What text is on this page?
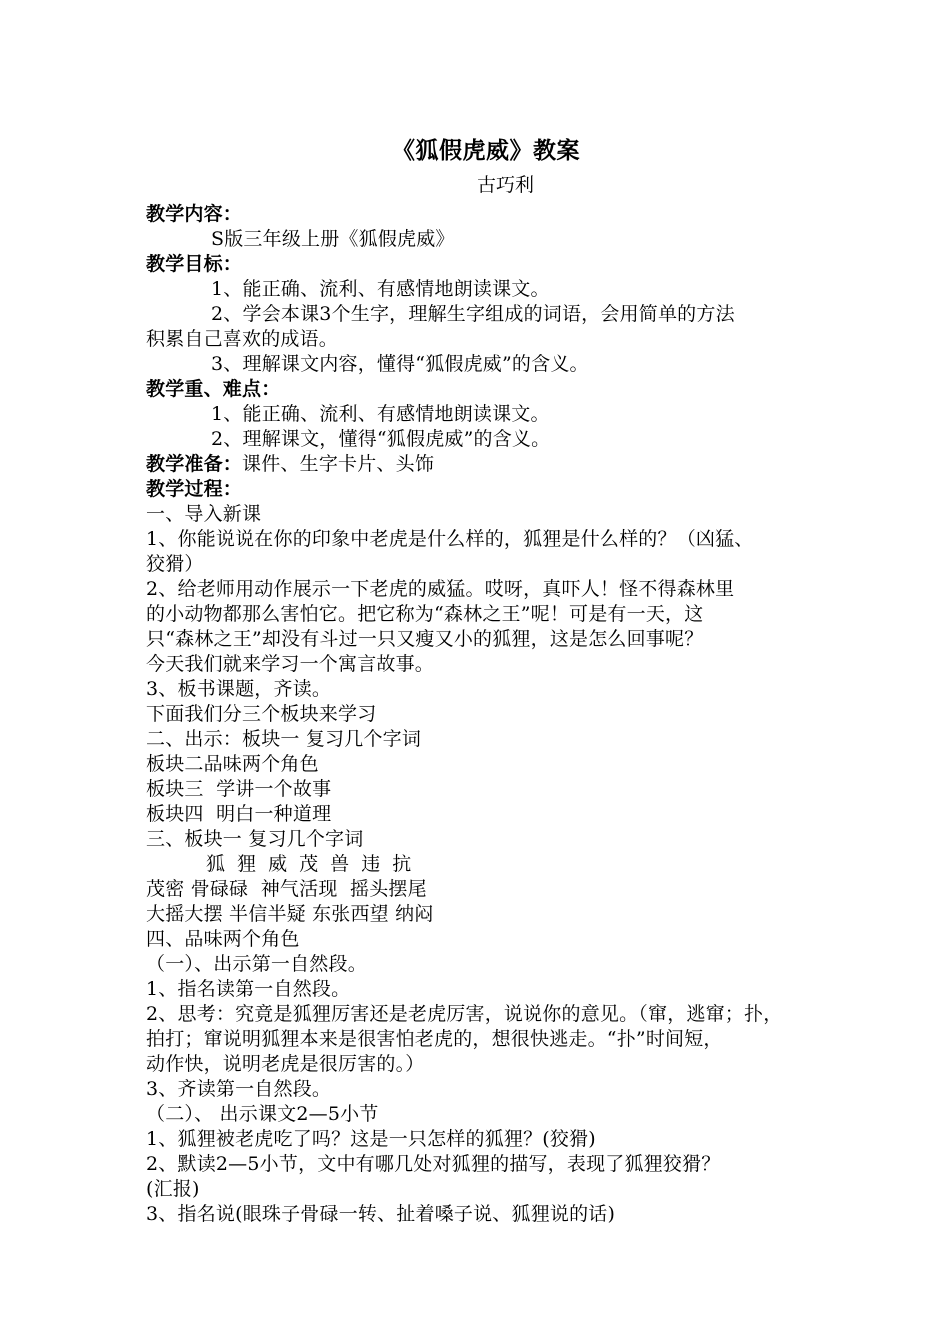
《狐假虎威》教案
古巧利
教学内容：
S版三年级上册《狐假虎威》
教学目标：
1、能正确、流利、有感情地朗读课文。
2、学会本课3个生字，理解生字组成的词语，会用简单的方法
积累自己喜欢的成语。
3、理解课文内容，懂得“狐假虎威”的含义。
教学重、难点：
1、能正确、流利、有感情地朗读课文。
2、理解课文，懂得“狐假虎威”的含义。
教学准备：课件、生字卡片、头饰
教学过程：
一、导入新课
1、你能说说在你的印象中老虎是什么样的，狐狸是什么样的？（凶猛、
狡猾）
2、给老师用动作展示一下老虎的威猛。哎呀，真吓人！怪不得森林里
的小动物都那么害怕它。把它称为“森林之王”呢！可是有一天，这
只“森林之王”却没有斗过一只又瘦又小的狐狸，这是怎么回事呢？
今天我们就来学习一个寓言故事。
3、板书课题，齐读。
下面我们分三个板块来学习
二、出示：板块一 复习几个字词
板块二品味两个角色
板块三  学讲一个故事
板块四  明白一种道理
三、板块一 复习几个字词
狐 狸 威 茂 兽 违 抗
茂密 骨碌碌  神气活现  摇头摆尾
大摇大摆 半信半疑 东张西望 纳闷
四、品味两个角色
（一）、出示第一自然段。
1、指名读第一自然段。
2、思考：究竟是狐狸厉害还是老虎厉害，说说你的意见。（窜，逃窜；扑，
拍打；窜说明狐狸本来是很害怕老虎的，想很快逃走。“扑”时间短，
动作快，说明老虎是很厉害的。）
3、齐读第一自然段。
（二）、 出示课文2—5小节
1、狐狸被老虎吃了吗？这是一只怎样的狐狸？(狡猾)
2、默读2—5小节，文中有哪几处对狐狸的描写，表现了狐狸狡猾？
(汇报)
3、指名说(眼珠子骨碌一转、扯着嗓子说、狐狸说的话)
